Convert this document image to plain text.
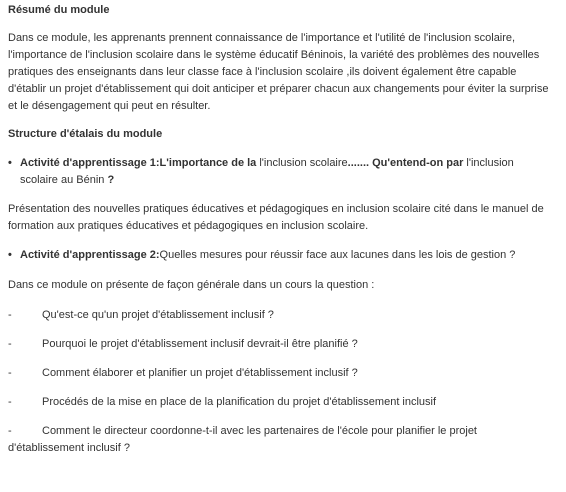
Résumé du module
Dans ce module, les apprenants prennent connaissance de l'importance et l'utilité de l'inclusion scolaire, l'importance de l'inclusion scolaire dans le système éducatif Béninois, la variété des problèmes des nouvelles pratiques des enseignants dans leur classe face à l'inclusion scolaire ,ils doivent également être capable d'établir un projet d'établissement qui doit anticiper et préparer chacun aux changements pour éviter la surprise et le désengagement qui peut en résulter.
Structure d'étalais du module
• Activité d'apprentissage 1:L'importance de la l'inclusion scolaire....... Qu'entend-on par l'inclusion scolaire au Bénin ?
Présentation des nouvelles pratiques éducatives et pédagogiques en inclusion scolaire cité dans le manuel de formation aux pratiques éducatives et pédagogiques en inclusion scolaire.
• Activité d'apprentissage 2:Quelles mesures pour réussir face aux lacunes dans les lois de gestion ?
Dans ce module on présente de façon générale dans un cours la question :
-	Qu'est-ce qu'un projet d'établissement inclusif ?
-	Pourquoi le projet d'établissement inclusif devrait-il être planifié ?
-	Comment élaborer et planifier un projet d'établissement inclusif ?
-	Procédés de la mise en place de la planification du projet d'établissement inclusif
-	Comment le directeur coordonne-t-il avec les partenaires de l'école pour planifier le projet d'établissement inclusif ?
